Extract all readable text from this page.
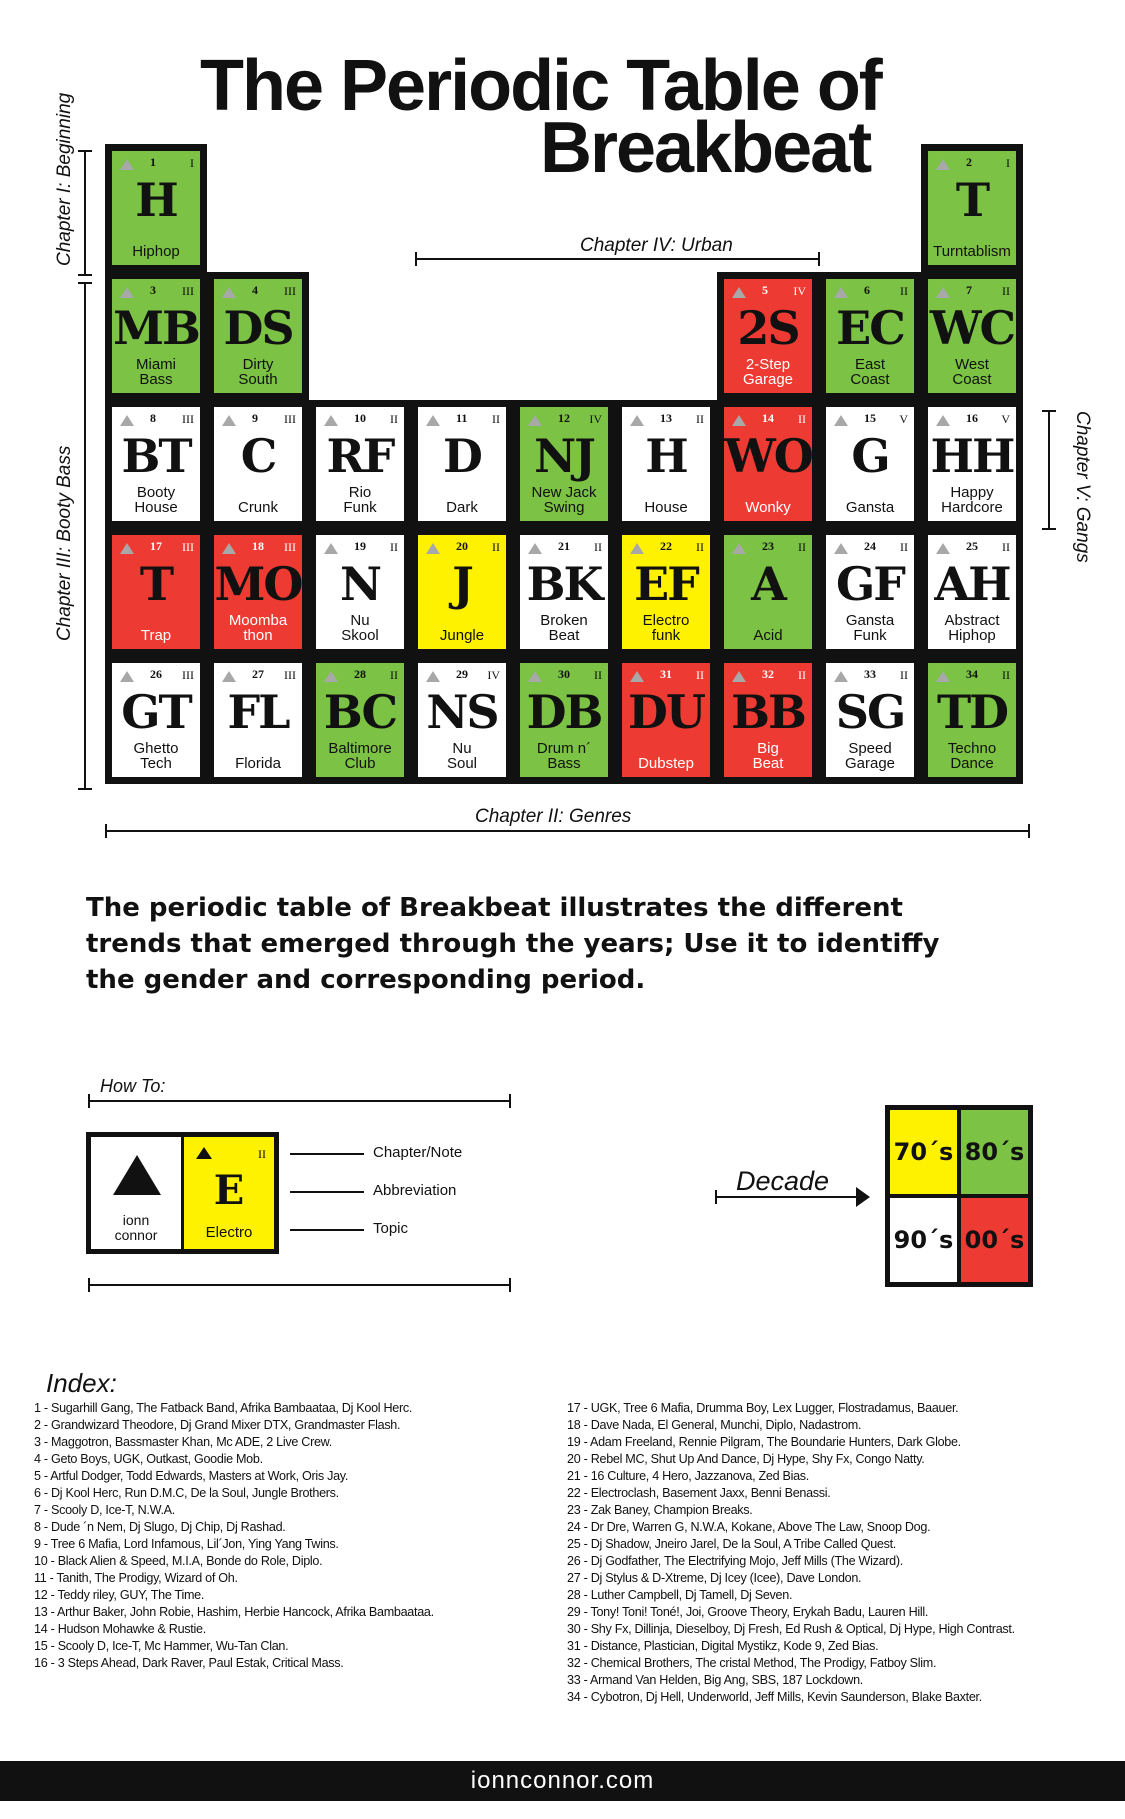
The Periodic Table of
Breakbeat
1	I
H
Hiphop
2	I
T
Turntablism
3 III
MB
Miami
Bass
4 III
DS
Dirty
South
5 IV
2S
2-Step
Garage
6	II
EC
East
Coast
7	II
WC
West
Coast
8 III
BT
Booty
House
9 III
C
Crunk
10 II
RF
Rio
Funk
11 II
D
Dark
12 IV
NJ
New Jack
Swing
13 II
H
House
14 II
WO
Wonky
15 V
G
Gansta
16 V
HH
Happy
Hardcore
17 III
T
Trap
18 III
MO
Moomba
thon
19 II
N
Nu
Skool
20 II
J
Jungle
21 II
BK
Broken
Beat
22 II
EF
Electro
funk
23 II
A
Acid
24 II
GF
Gansta
Funk
25 II
AH
Abstract
Hiphop
26 III
GT
Ghetto
Tech
27 III
FL
Florida
28 II
BC
Baltimore
Club
29 IV
NS
Nu
Soul
30 II
DB
Drum n´
Bass
31 II
DU
Dubstep
32 II
BB
Big
Beat
33 II
SG
Speed
Garage
34 II
TD
Techno
Dance
Chapter IV: Urban
Chapter II: Genres
Chapter I: Beginning
Chapter III: Booty Bass	Chapter V: Gangs
The periodic table of Breakbeat illustrates the different trends that emerged through the years; Use it to identiffy the gender and corresponding period.
How To:
ionn
connor
II
E
Electro
Chapter/Note
Abbreviation
Topic
Decade
70´s 80´s
90´s 00´s
Index:
1 - Sugarhill Gang, The Fatback Band, Afrika Bambaataa, Dj Kool Herc.
2 - Grandwizard Theodore, Dj Grand Mixer DTX, Grandmaster Flash.
3 - Maggotron, Bassmaster Khan, Mc ADE, 2 Live Crew.
4 - Geto Boys, UGK, Outkast, Goodie Mob.
5 - Artful Dodger, Todd Edwards, Masters at Work, Oris Jay.
6 - Dj Kool Herc, Run D.M.C, De la Soul, Jungle Brothers.
7 - Scooly D, Ice-T, N.W.A.
8 - Dude ´n Nem, Dj Slugo, Dj Chip, Dj Rashad.
9 - Tree 6 Mafia, Lord Infamous, Lil´Jon, Ying Yang Twins.
10 - Black Alien & Speed, M.I.A, Bonde do Role, Diplo.
11 - Tanith, The Prodigy, Wizard of Oh.
12 - Teddy riley, GUY, The Time.
13 - Arthur Baker, John Robie, Hashim, Herbie Hancock, Afrika Bambaataa.
14 - Hudson Mohawke & Rustie.
15 - Scooly D, Ice-T, Mc Hammer, Wu-Tan Clan.
16 - 3 Steps Ahead, Dark Raver, Paul Estak, Critical Mass.
17 - UGK, Tree 6 Mafia, Drumma Boy, Lex Lugger, Flostradamus, Baauer.
18 - Dave Nada, El General, Munchi, Diplo, Nadastrom.
19 - Adam Freeland, Rennie Pilgram, The Boundarie Hunters, Dark Globe.
20 - Rebel MC, Shut Up And Dance, Dj Hype, Shy Fx, Congo Natty.
21 - 16 Culture, 4 Hero, Jazzanova, Zed Bias.
22 - Electroclash, Basement Jaxx, Benni Benassi.
23 - Zak Baney, Champion Breaks.
24 - Dr Dre, Warren G, N.W.A, Kokane, Above The Law, Snoop Dog.
25 - Dj Shadow, Jneiro Jarel, De la Soul, A Tribe Called Quest.
26 - Dj Godfather, The Electrifying Mojo, Jeff Mills (The Wizard).
27 - Dj Stylus & D-Xtreme, Dj Icey (Icee), Dave London.
28 - Luther Campbell, Dj Tamell, Dj Seven.
29 - Tony! Toni! Toné!, Joi, Groove Theory, Erykah Badu, Lauren Hill.
30 - Shy Fx, Dillinja, Dieselboy, Dj Fresh, Ed Rush & Optical, Dj Hype, High Contrast.
31 - Distance, Plastician, Digital Mystikz, Kode 9, Zed Bias.
32 - Chemical Brothers, The cristal Method, The Prodigy, Fatboy Slim.
33 - Armand Van Helden, Big Ang, SBS, 187 Lockdown.
34 - Cybotron, Dj Hell, Underworld, Jeff Mills, Kevin Saunderson, Blake Baxter.
ionnconnor.com
